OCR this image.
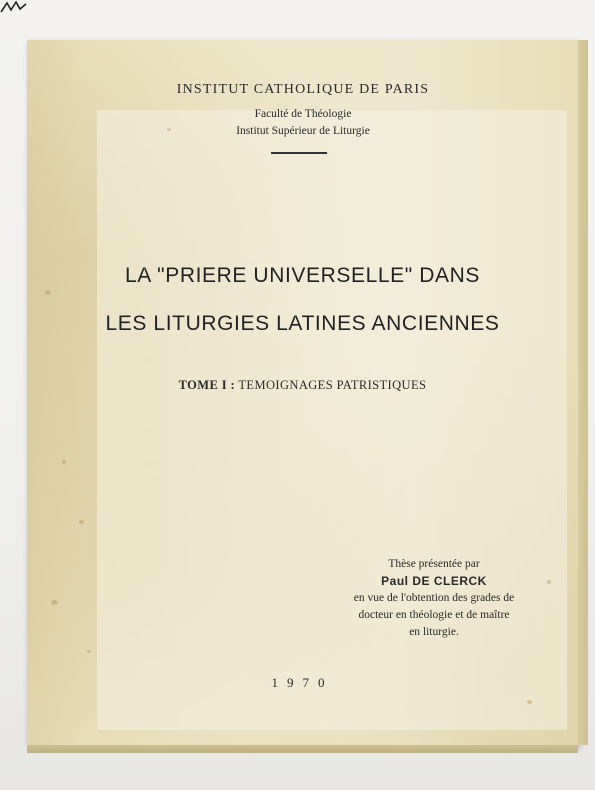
INSTITUT CATHOLIQUE DE PARIS
Faculté de Théologie
Institut Supérieur de Liturgie
LA "PRIERE UNIVERSELLE" DANS
LES LITURGIES LATINES ANCIENNES
TOME I : TEMOIGNAGES PATRISTIQUES
Thèse présentée par
Paul DE CLERCK
en vue de l'obtention des grades de
docteur en théologie et de maître
en liturgie.
1970
